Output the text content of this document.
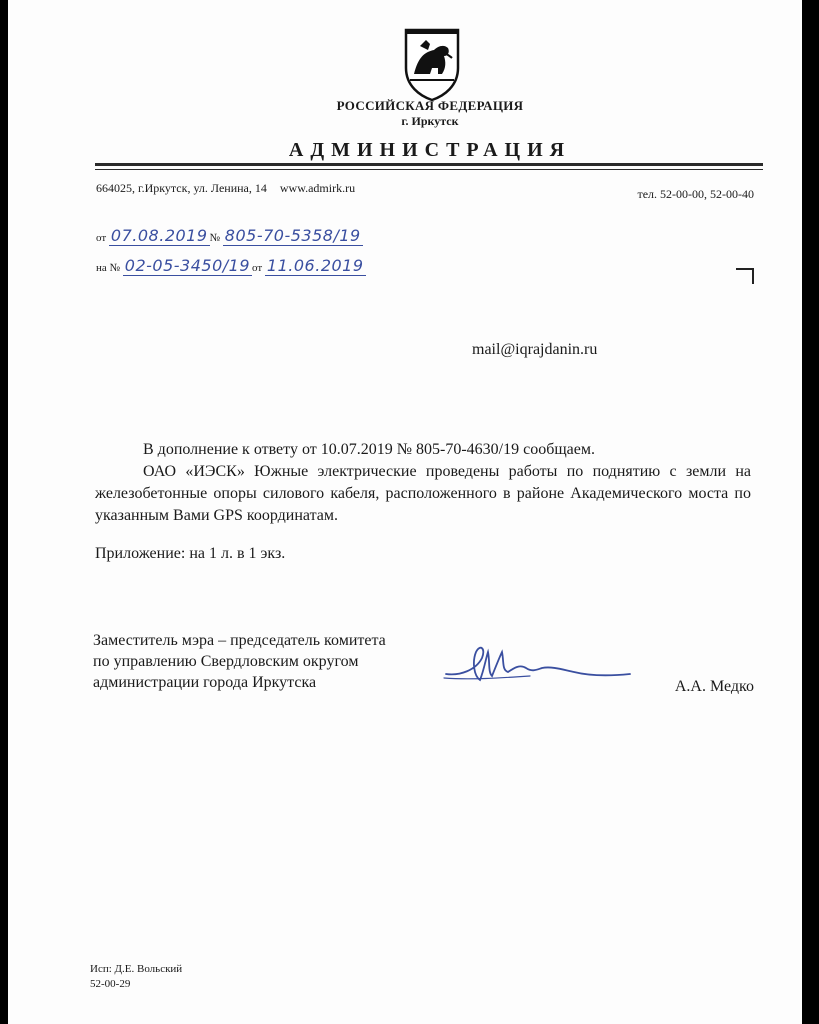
РОССИЙСКАЯ ФЕДЕРАЦИЯ
г. Иркутск
АДМИНИСТРАЦИЯ
664025, г.Иркутск, ул. Ленина, 14 www.admirk.ru	тел. 52-00-00, 52-00-40
от 07.08.2019 № 805-70-5358/19
на № 02-05-3450/19 от 11.06.2019
mail@iqrajdanin.ru

В дополнение к ответу от 10.07.2019 № 805-70-4630/19 сообщаем.

ОАО «ИЭСК» Южные электрические проведены работы по поднятию с земли на железобетонные опоры силового кабеля, расположенного в районе Академического моста по указанным Вами GPS координатам.

Приложение: на 1 л. в 1 экз.
Заместитель мэра – председатель комитета
по управлению Свердловским округом
администрации города Иркутска	А.А. Медко
Исп: Д.Е. Вольский
52-00-29
